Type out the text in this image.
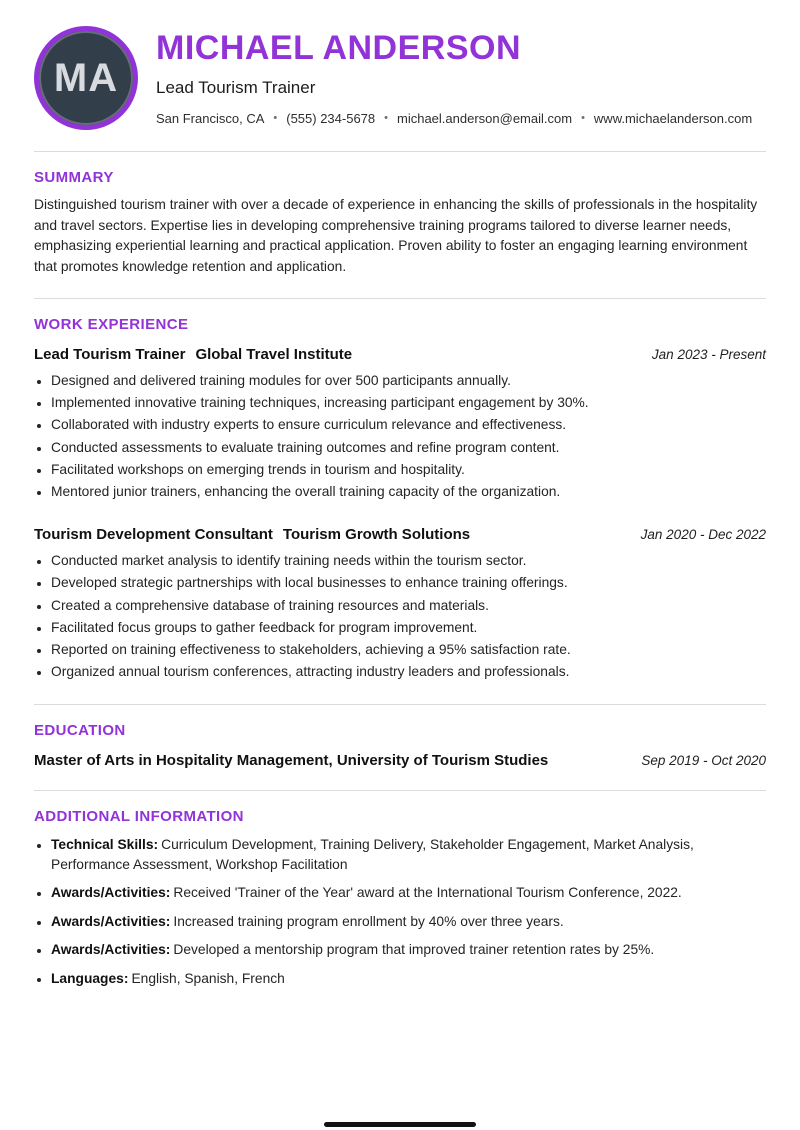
MA
MICHAEL ANDERSON
Lead Tourism Trainer
San Francisco, CA • (555) 234-5678 • michael.anderson@email.com • www.michaelanderson.com
SUMMARY

Distinguished tourism trainer with over a decade of experience in enhancing the skills of professionals in the hospitality and travel sectors. Expertise lies in developing comprehensive training programs tailored to diverse learner needs, emphasizing experiential learning and practical application. Proven ability to foster an engaging learning environment that promotes knowledge retention and application.

WORK EXPERIENCE
Lead Tourism Trainer Global Travel Institute	Jan 2023 - Present
• Designed and delivered training modules for over 500 participants annually.
• Implemented innovative training techniques, increasing participant engagement by 30%.
• Collaborated with industry experts to ensure curriculum relevance and effectiveness.
• Conducted assessments to evaluate training outcomes and refine program content.
• Facilitated workshops on emerging trends in tourism and hospitality.
• Mentored junior trainers, enhancing the overall training capacity of the organization.
Tourism Development Consultant Tourism Growth Solutions	Jan 2020 - Dec 2022
• Conducted market analysis to identify training needs within the tourism sector.
• Developed strategic partnerships with local businesses to enhance training offerings.
• Created a comprehensive database of training resources and materials.
• Facilitated focus groups to gather feedback for program improvement.
• Reported on training effectiveness to stakeholders, achieving a 95% satisfaction rate.
• Organized annual tourism conferences, attracting industry leaders and professionals.
EDUCATION
Master of Arts in Hospitality Management, University of Tourism Studies	Sep 2019 - Oct 2020
ADDITIONAL INFORMATION
• Technical Skills: Curriculum Development, Training Delivery, Stakeholder Engagement, Market Analysis, Performance Assessment, Workshop Facilitation
• Awards/Activities: Received 'Trainer of the Year' award at the International Tourism Conference, 2022.
• Awards/Activities: Increased training program enrollment by 40% over three years.
• Awards/Activities: Developed a mentorship program that improved trainer retention rates by 25%.
• Languages: English, Spanish, French
